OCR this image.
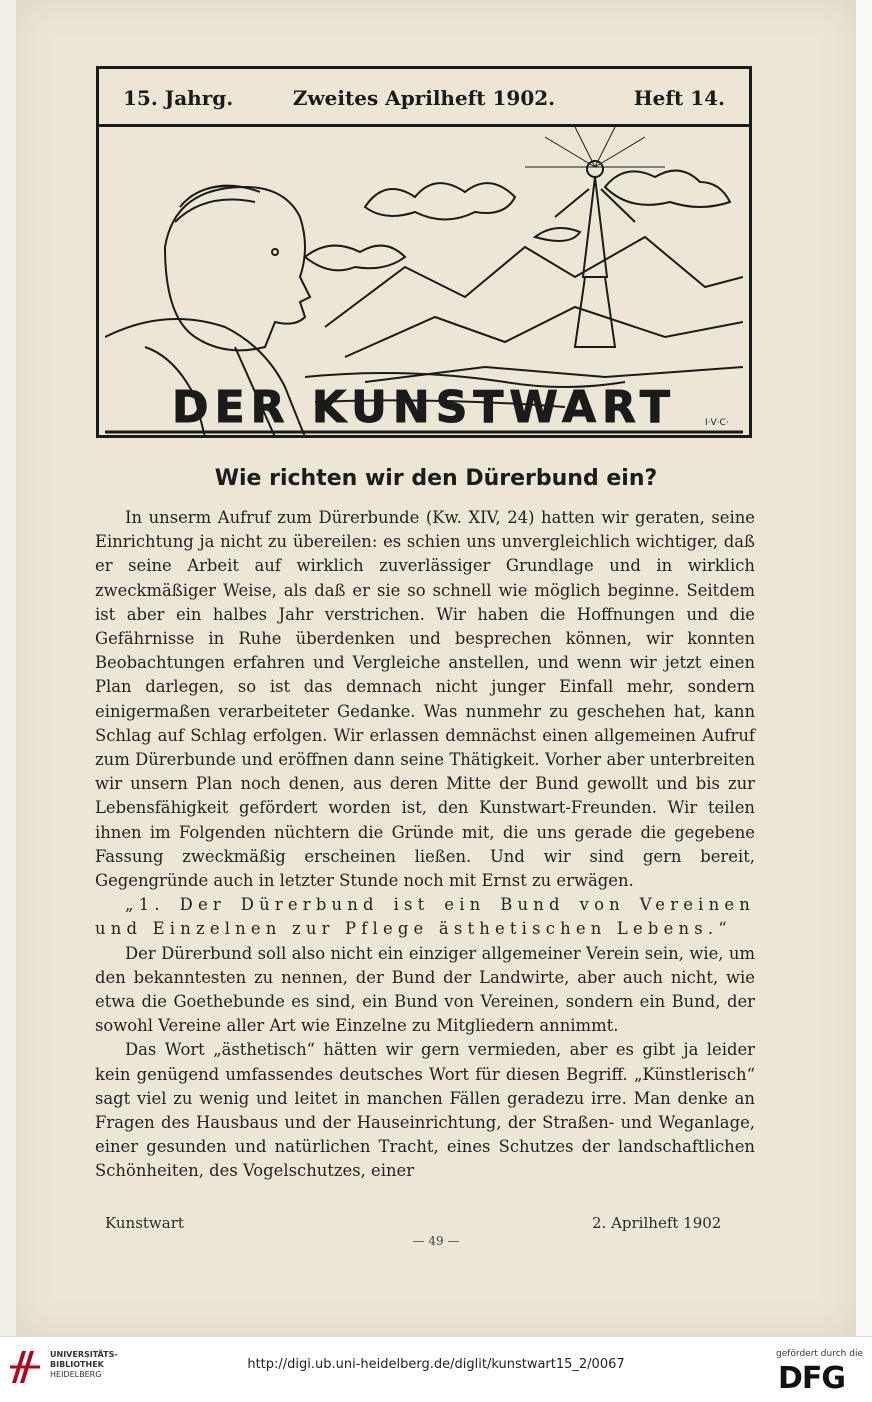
15. Jahrg.	Zweites Aprilheft 1902.	Heft 14.
I·V·C·
DER KUNSTWART
Wie richten wir den Dürerbund ein?

In unserm Aufruf zum Dürerbunde (Kw. XIV, 24) hatten wir geraten, seine Einrichtung ja nicht zu übereilen: es schien uns unvergleichlich wichtiger, daß er seine Arbeit auf wirklich zuverlässiger Grundlage und in wirklich zweckmäßiger Weise, als daß er sie so schnell wie möglich beginne. Seitdem ist aber ein halbes Jahr verstrichen. Wir haben die Hoffnungen und die Gefährnisse in Ruhe überdenken und besprechen können, wir konnten Beobachtungen erfahren und Vergleiche anstellen, und wenn wir jetzt einen Plan darlegen, so ist das demnach nicht junger Einfall mehr, sondern einigermaßen verarbeiteter Gedanke. Was nunmehr zu geschehen hat, kann Schlag auf Schlag erfolgen. Wir erlassen demnächst einen allgemeinen Aufruf zum Dürerbunde und eröffnen dann seine Thätigkeit. Vorher aber unterbreiten wir unsern Plan noch denen, aus deren Mitte der Bund gewollt und bis zur Lebensfähigkeit gefördert worden ist, den Kunstwart-Freunden. Wir teilen ihnen im Folgenden nüchtern die Gründe mit, die uns gerade die gegebene Fassung zweckmäßig erscheinen ließen. Und wir sind gern bereit, Gegengründe auch in letzter Stunde noch mit Ernst zu erwägen.

„1. Der Dürerbund ist ein Bund von Vereinen und Einzelnen zur Pflege ästhetischen Lebens.“

Der Dürerbund soll also nicht ein einziger allgemeiner Verein sein, wie, um den bekanntesten zu nennen, der Bund der Landwirte, aber auch nicht, wie etwa die Goethebunde es sind, ein Bund von Vereinen, sondern ein Bund, der sowohl Vereine aller Art wie Einzelne zu Mitgliedern annimmt.

Das Wort „ästhetisch“ hätten wir gern vermieden, aber es gibt ja leider kein genügend umfassendes deutsches Wort für diesen Begriff. „Künstlerisch“ sagt viel zu wenig und leitet in manchen Fällen geradezu irre. Man denke an Fragen des Hausbaus und der Hauseinrichtung, der Straßen- und Weganlage, einer gesunden und natürlichen Tracht, eines Schutzes der landschaftlichen Schönheiten, des Vogelschutzes, einer

Kunstwart	2. Aprilheft 1902
— 49 —
UNIVERSITÄTS-
BIBLIOTHEK
HEIDELBERG
http://digi.ub.uni-heidelberg.de/diglit/kunstwart15_2/0067
gefördert durch die
DFG
